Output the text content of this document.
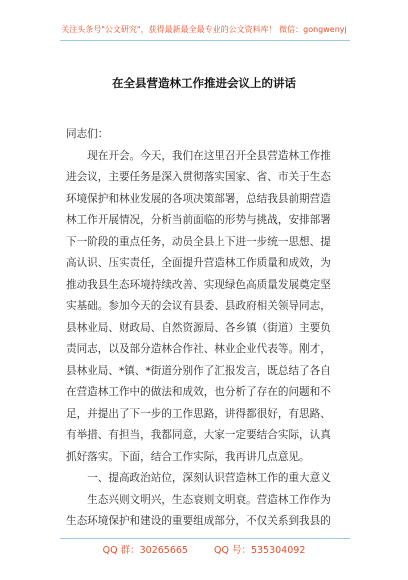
关注头条号"公文研究"，获得最新最全最专业的公文资料库！ 微信：gongwenyj
在全县营造林工作推进会议上的讲话
同志们：
　　现在开会。今天，我们在这里召开全县营造林工作推
进会议，主要任务是深入贯彻落实国家、省、市关于生态
环境保护和林业发展的各项决策部署，总结我县前期营造
林工作开展情况，分析当前面临的形势与挑战，安排部署
下一阶段的重点任务，动员全县上下进一步统一思想、提
高认识、压实责任，全面提升营造林工作质量和成效，为
推动我县生态环境持续改善、实现绿色高质量发展奠定坚
实基础。参加今天的会议有县委、县政府相关领导同志，
县林业局、财政局、自然资源局、各乡镇（街道）主要负
责同志，以及部分造林合作社、林业企业代表等。刚才，
县林业局、*镇、*街道分别作了汇报发言，既总结了各自
在营造林工作中的做法和成效，也分析了存在的问题和不
足，并提出了下一步的工作思路，讲得都很好，有思路、
有举措、有担当，我都同意，大家一定要结合实际，认真
抓好落实。下面，结合工作实际，我再讲几点意见。
　　一、提高政治站位，深刻认识营造林工作的重大意义
　　生态兴则文明兴，生态衰则文明衰。营造林工作作为
生态环境保护和建设的重要组成部分，不仅关系到我县的
QQ 群：30265665	QQ 号：535304092
